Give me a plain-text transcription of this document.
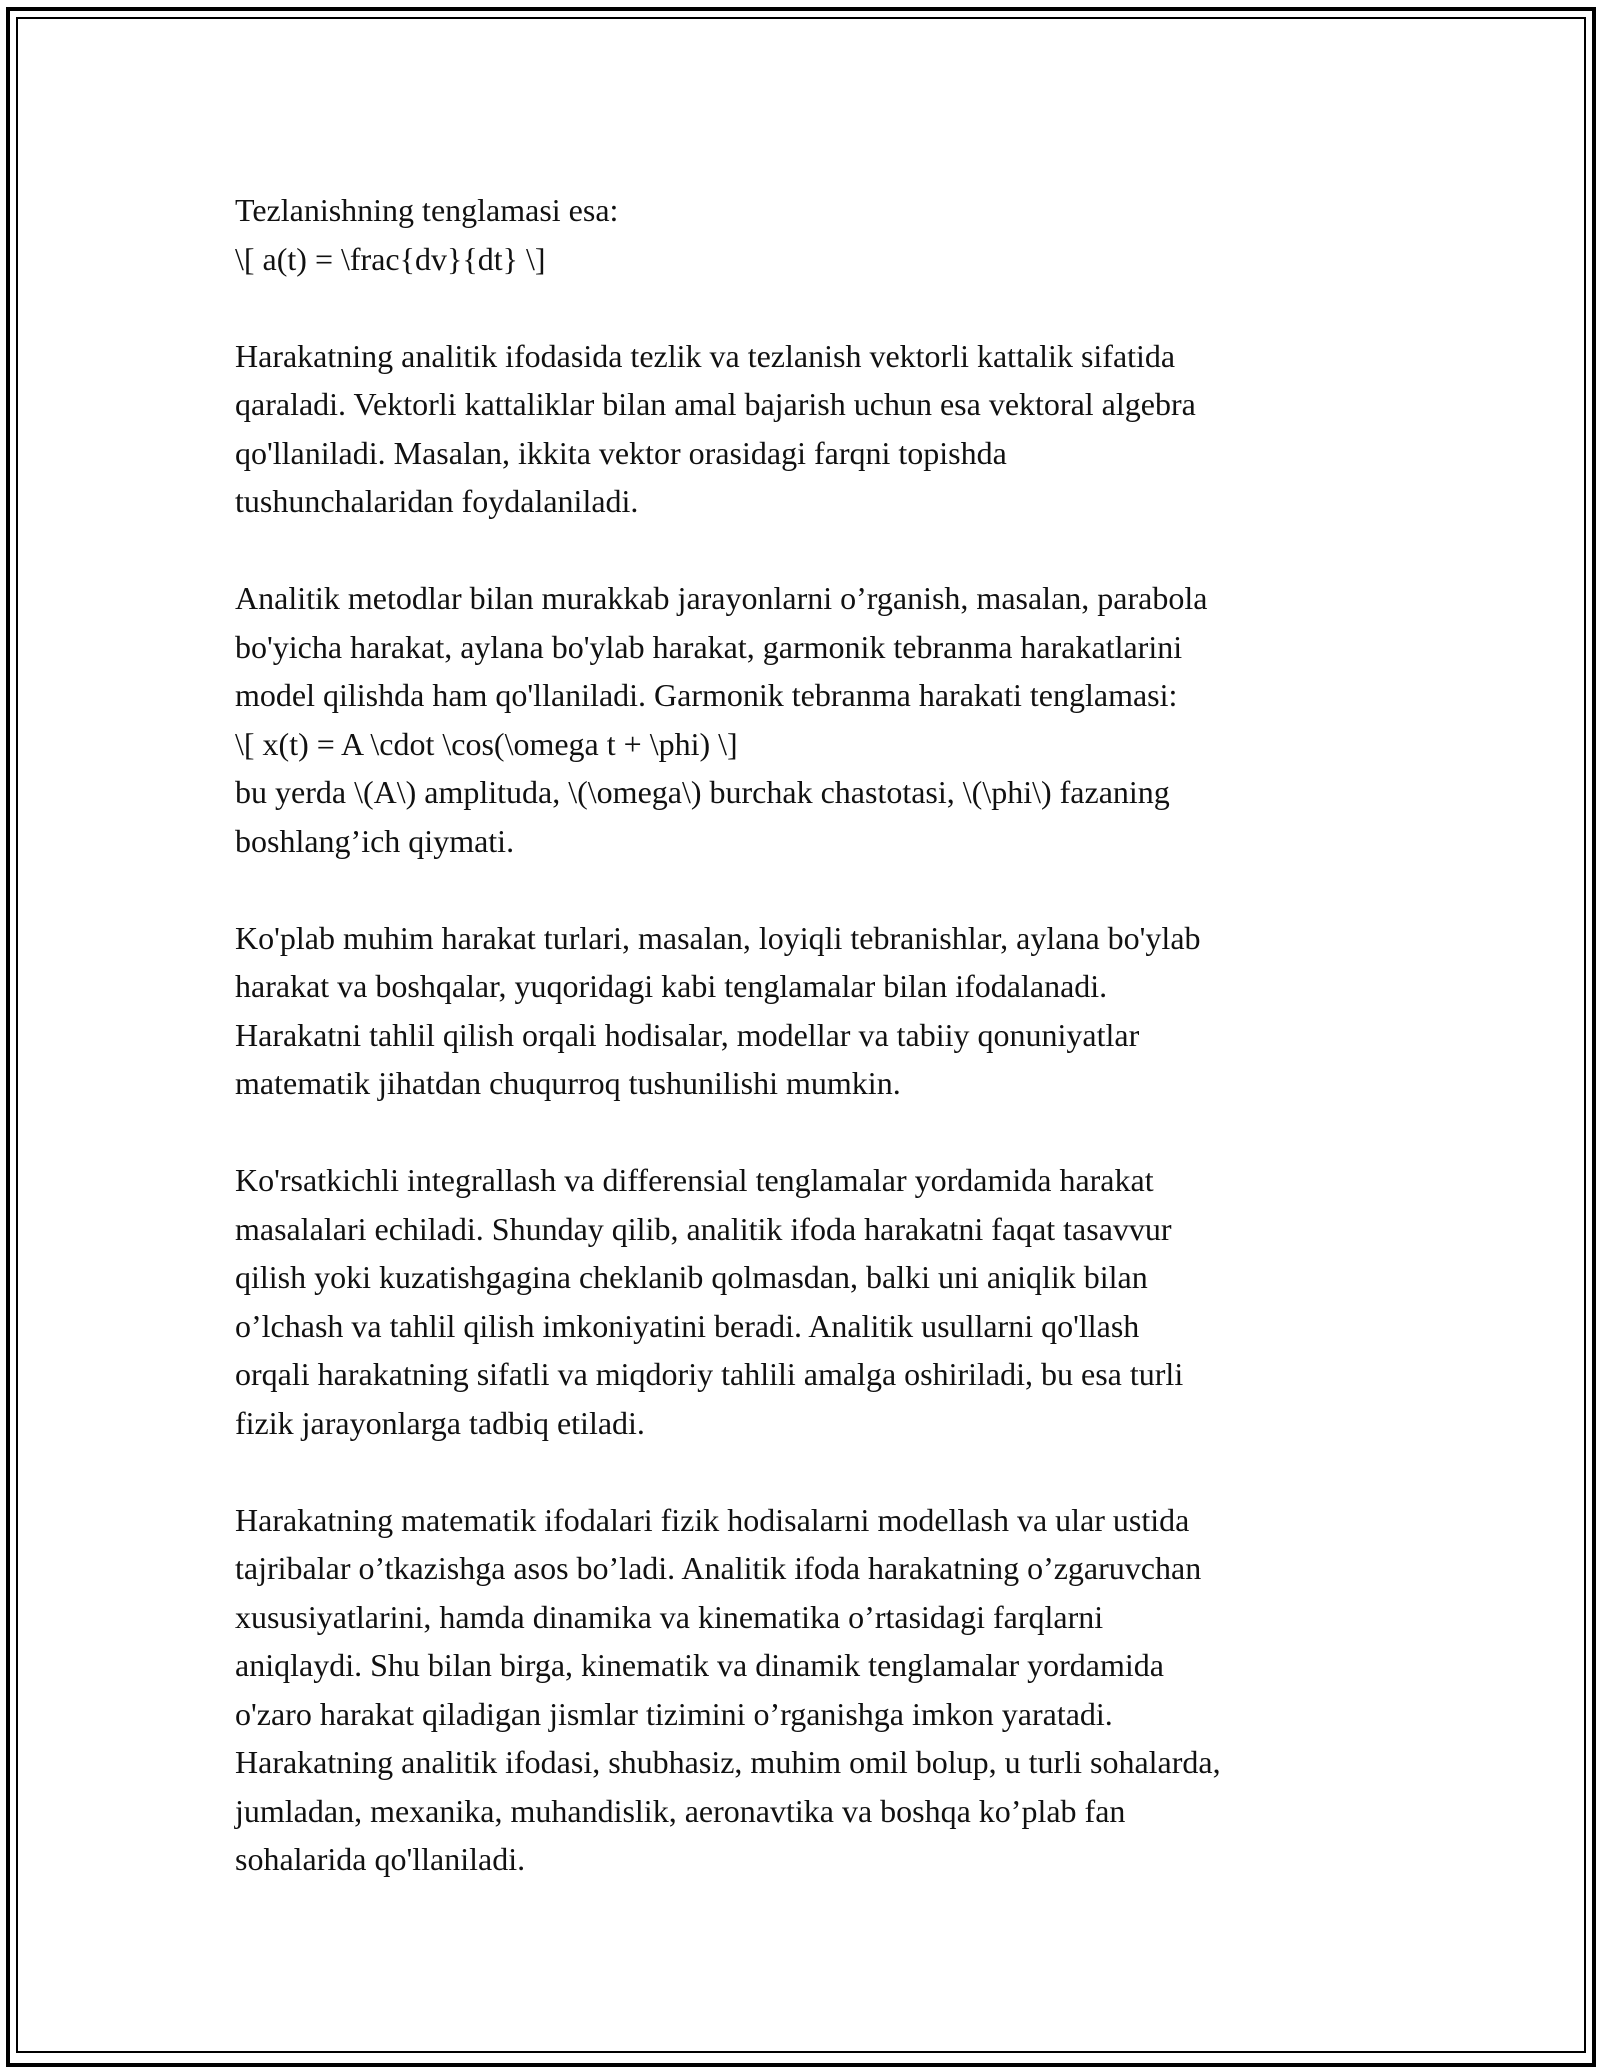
Tezlanishning tenglamasi esa:
\[ a(t) = \frac{dv}{dt} \]

Harakatning analitik ifodasida tezlik va tezlanish vektorli kattalik sifatida
qaraladi. Vektorli kattaliklar bilan amal bajarish uchun esa vektoral algebra
qo'llaniladi. Masalan, ikkita vektor orasidagi farqni topishda
tushunchalaridan foydalaniladi.

Analitik metodlar bilan murakkab jarayonlarni o’rganish, masalan, parabola
bo'yicha harakat, aylana bo'ylab harakat, garmonik tebranma harakatlarini
model qilishda ham qo'llaniladi. Garmonik tebranma harakati tenglamasi:
\[ x(t) = A \cdot \cos(\omega t + \phi) \]
bu yerda \(A\) amplituda, \(\omega\) burchak chastotasi, \(\phi\) fazaning
boshlang’ich qiymati.

Ko'plab muhim harakat turlari, masalan, loyiqli tebranishlar, aylana bo'ylab
harakat va boshqalar, yuqoridagi kabi tenglamalar bilan ifodalanadi.
Harakatni tahlil qilish orqali hodisalar, modellar va tabiiy qonuniyatlar
matematik jihatdan chuqurroq tushunilishi mumkin.

Ko'rsatkichli integrallash va differensial tenglamalar yordamida harakat
masalalari echiladi. Shunday qilib, analitik ifoda harakatni faqat tasavvur
qilish yoki kuzatishgagina cheklanib qolmasdan, balki uni aniqlik bilan
o’lchash va tahlil qilish imkoniyatini beradi. Analitik usullarni qo'llash
orqali harakatning sifatli va miqdoriy tahlili amalga oshiriladi, bu esa turli
fizik jarayonlarga tadbiq etiladi.

Harakatning matematik ifodalari fizik hodisalarni modellash va ular ustida
tajribalar o’tkazishga asos bo’ladi. Analitik ifoda harakatning o’zgaruvchan
xususiyatlarini, hamda dinamika va kinematika o’rtasidagi farqlarni
aniqlaydi. Shu bilan birga, kinematik va dinamik tenglamalar yordamida
o'zaro harakat qiladigan jismlar tizimini o’rganishga imkon yaratadi.
Harakatning analitik ifodasi, shubhasiz, muhim omil bolup, u turli sohalarda,
jumladan, mexanika, muhandislik, aeronavtika va boshqa ko’plab fan
sohalarida qo'llaniladi.
